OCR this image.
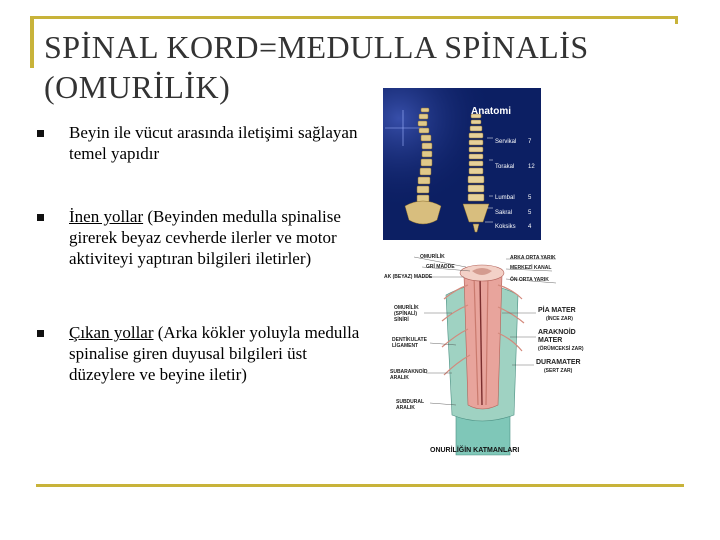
SPİNAL KORD=MEDULLA SPİNALİS
(OMURİLİK)
Beyin ile vücut arasında iletişimi sağlayan temel yapıdır
İnen yollar (Beyinden medulla spinalise girerek beyaz cevherde ilerler ve motor aktiviteyi yaptıran bilgileri iletirler)
Çıkan yollar (Arka kökler yoluyla medulla spinalise giren duyusal bilgileri üst düzeylere ve beyine iletir)
Anatomi
Servikal 7
Torakal 12
Lumbal 5
Sakral	5
Koksiks 4
OMURİLİK
GRİ MADDE
AK (BEYAZ) MADDE
ARKA ORTA YARIK
MERKEZİ KANAL
ÖN ORTA YARIK
OMURİLİK (SPİNALİ) SİNİRİ
PİA MATER
(İNCE ZAR)
ARAKNOİD MATER
(ÖRÜMCEKSİ ZAR)
DENTİKULATE LİGAMENT
DURAMATER
(SERT ZAR)
SUBARAKNOİD ARALIK
SUBDURAL ARALIK
ONURİLİĞİN KATMANLARI
